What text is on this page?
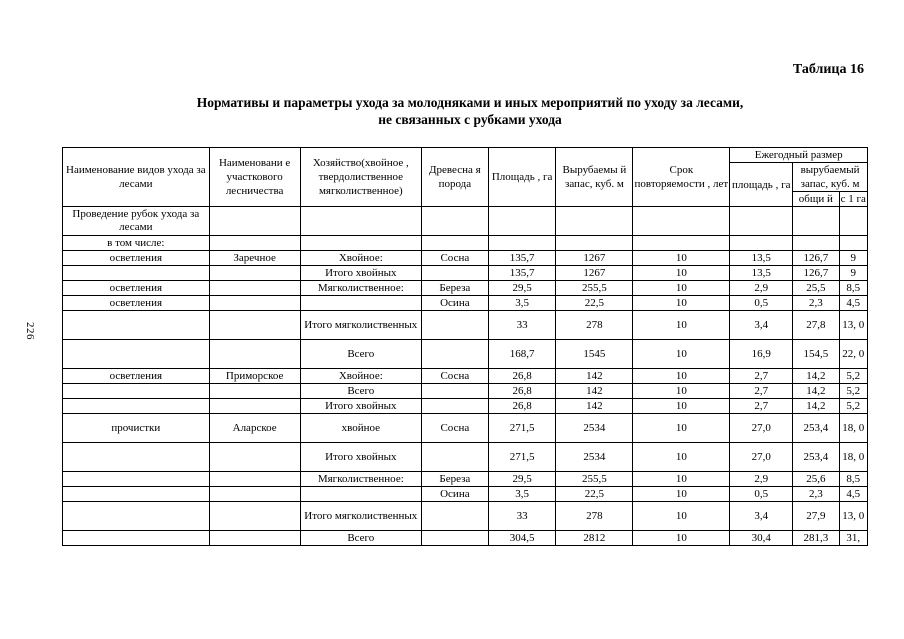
226
Таблица 16
Нормативы и параметры ухода за молодняками и иных мероприятий по уходу за лесами,
не связанных с рубками ухода
Наименование видов ухода за лесами	Наименовани е участкового лесничества	Хозяйство(хвойное , твердолиственное мягколиственное)	Древесна я порода	Площадь , га	Вырубаемы й запас, куб. м	Срок повторяемости , лет	Ежегодный размер		
							площадь , га	вырубаемый запас, куб. м	

								общи й	с 1 га
Проведение рубок ухода за лесами									
в том числе:									
осветления	Заречное	Хвойное:	Сосна	135,7	1267	10	13,5	126,7	9
		Итого хвойных		135,7	1267	10	13,5	126,7	9
осветления		Мягколиственное:	Береза	29,5	255,5	10	2,9	25,5	8,5
осветления			Осина	3,5	22,5	10	0,5	2,3	4,5
		Итого мягколиственных		33	278	10	3,4	27,8	13, 0
		Всего		168,7	1545	10	16,9	154,5	22, 0
осветления	Приморское	Хвойное:	Сосна	26,8	142	10	2,7	14,2	5,2
		Всего		26,8	142	10	2,7	14,2	5,2
		Итого хвойных		26,8	142	10	2,7	14,2	5,2
прочистки	Аларское	хвойное	Сосна	271,5	2534	10	27,0	253,4	18, 0
		Итого хвойных		271,5	2534	10	27,0	253,4	18, 0
		Мягколиственное:	Береза	29,5	255,5	10	2,9	25,6	8,5
			Осина	3,5	22,5	10	0,5	2,3	4,5
		Итого мягколиственных		33	278	10	3,4	27,9	13, 0
		Всего		304,5	2812	10	30,4	281,3	31,
